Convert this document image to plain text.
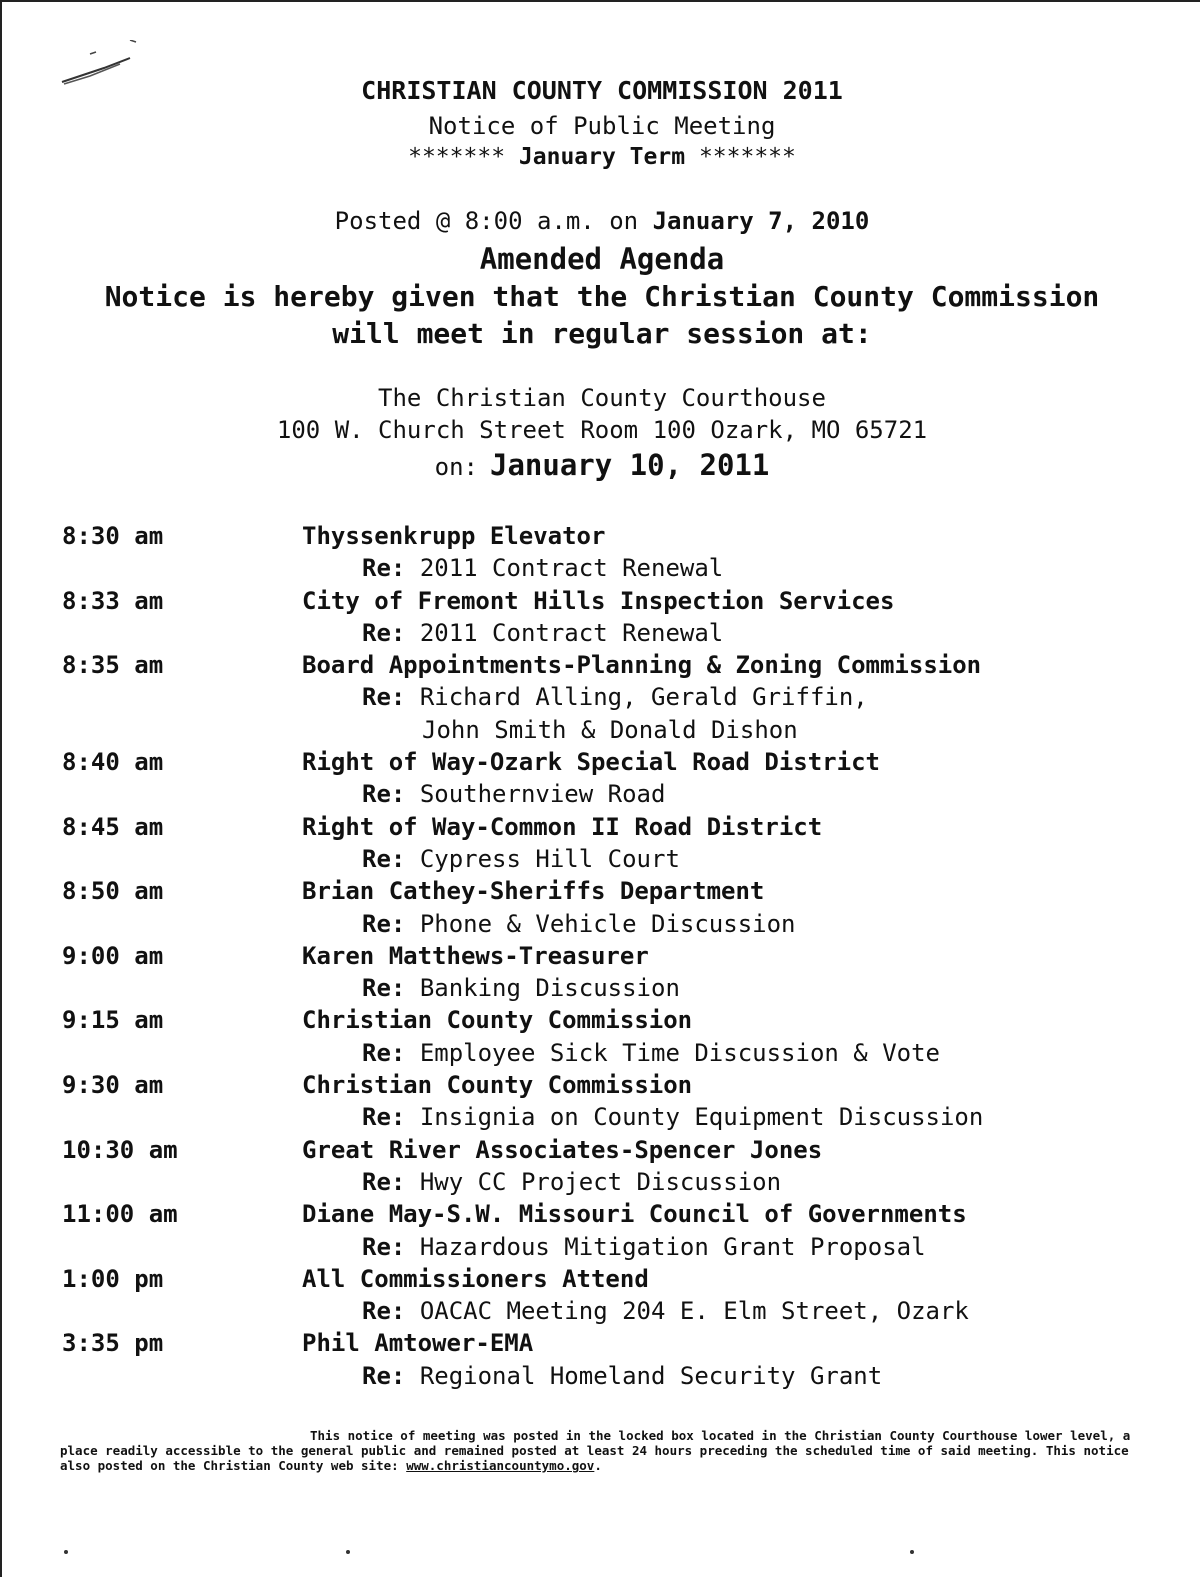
CHRISTIAN COUNTY COMMISSION 2011
Notice of Public Meeting
******* January Term *******
Posted @ 8:00 a.m. on January 7, 2010
Amended Agenda
Notice is hereby given that the Christian County Commission
will meet in regular session at:
The Christian County Courthouse
100 W. Church Street Room 100 Ozark, MO 65721
on: January 10, 2011
8:30 am	Thyssenkrupp Elevator
Re: 2011 Contract Renewal
8:33 am	City of Fremont Hills Inspection Services
Re: 2011 Contract Renewal
8:35 am	Board Appointments-Planning & Zoning Commission
Re: Richard Alling, Gerald Griffin,
John Smith & Donald Dishon
8:40 am	Right of Way-Ozark Special Road District
Re: Southernview Road
8:45 am	Right of Way-Common II Road District
Re: Cypress Hill Court
8:50 am	Brian Cathey-Sheriffs Department
Re: Phone & Vehicle Discussion
9:00 am	Karen Matthews-Treasurer
Re: Banking Discussion
9:15 am	Christian County Commission
Re: Employee Sick Time Discussion & Vote
9:30 am	Christian County Commission
Re: Insignia on County Equipment Discussion
10:30 am	Great River Associates-Spencer Jones
Re: Hwy CC Project Discussion
11:00 am	Diane May-S.W. Missouri Council of Governments
Re: Hazardous Mitigation Grant Proposal
1:00 pm	All Commissioners Attend
Re: OACAC Meeting 204 E. Elm Street, Ozark
3:35 pm	Phil Amtower-EMA
Re: Regional Homeland Security Grant
This notice of meeting was posted in the locked box located in the Christian County Courthouse lower level, a place readily accessible to the general public and remained posted at least 24 hours preceding the scheduled time of said meeting. This notice also posted on the Christian County web site: www.christiancountymo.gov.
